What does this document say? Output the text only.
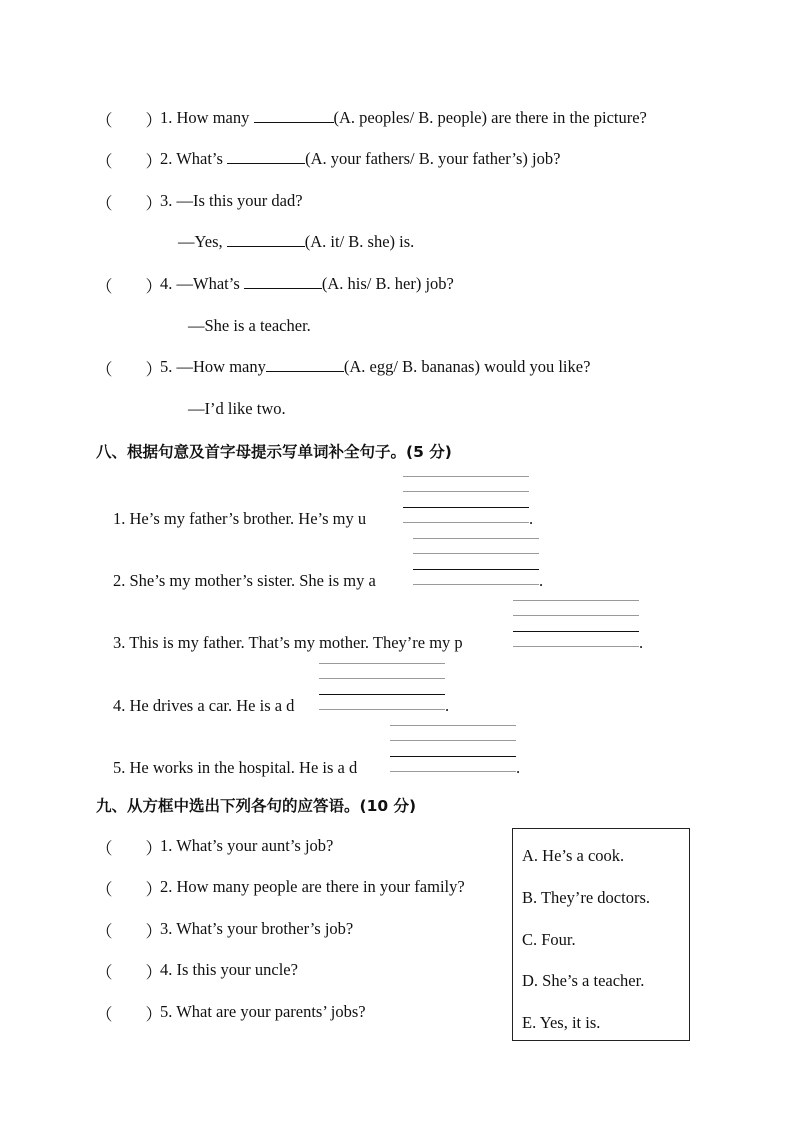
（　　）
1. How many	(A. peoples/ B. people) are there in the picture?
（　　）
2. What’s	(A. your fathers/ B. your father’s) job?
（　　）
3. —Is this your dad?
—Yes,	(A. it/ B. she) is.
（　　）
4. —What’s	(A. his/ B. her) job?
—She is a teacher.
（　　）
5. —How many	(A. egg/ B. bananas) would you like?
—I’d like two.
八、根据句意及首字母提示写单词补全句子。(5 分)
1. He’s my father’s brother. He’s my u	.
2. She’s my mother’s sister. She is my a	.
3. This is my father. That’s my mother. They’re my p	.
4. He drives a car. He is a d	.
5. He works in the hospital. He is a d	.
九、从方框中选出下列各句的应答语。(10 分)
（　　）
1. What’s your aunt’s job?
（　　）
2. How many people are there in your family?
（　　）
3. What’s your brother’s job?
（　　）
4. Is this your uncle?
（　　）
5. What are your parents’ jobs?
A. He’s a cook.
B. They’re doctors.
C. Four.
D. She’s a teacher.
E. Yes, it is.
